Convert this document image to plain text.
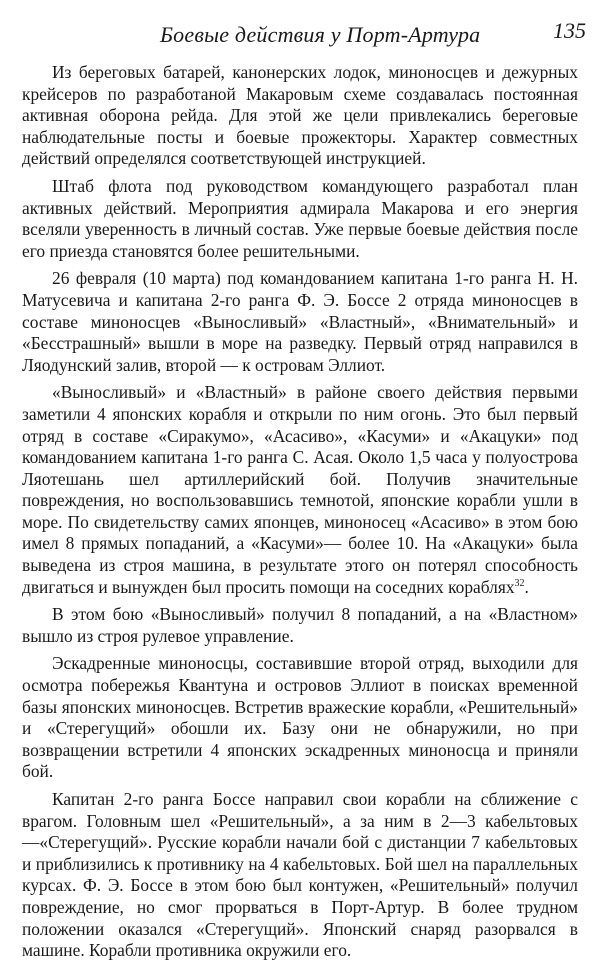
Боевые действия у Порт-Артура	135

Из береговых батарей, канонерских лодок, миноносцев и дежурных крейсеров по разработаной Макаровым схеме создавалась постоянная активная оборона рейда. Для этой же цели привлекались береговые наблюдательные посты и боевые прожекторы. Характер совместных действий определялся соответствующей инструкцией.

Штаб флота под руководством командующего разработал план активных действий. Мероприятия адмирала Макарова и его энергия вселяли уверенность в личный состав. Уже первые боевые действия после его приезда становятся более решительными.

26 февраля (10 марта) под командованием капитана 1-го ранга Н. Н. Матусевича и капитана 2-го ранга Ф. Э. Боссе 2 отряда миноносцев в составе миноносцев «Выносливый» «Властный», «Внимательный» и «Бесстрашный» вышли в море на разведку. Первый отряд направился в Ляодунский залив, второй — к островам Эллиот.

«Выносливый» и «Властный» в районе своего действия первыми заметили 4 японских корабля и открыли по ним огонь. Это был первый отряд в составе «Сиракумо», «Асасиво», «Касуми» и «Акацуки» под командованием капитана 1-го ранга С. Асая. Около 1,5 часа у полуострова Ляотешань шел артиллерийский бой. Получив значительные повреждения, но воспользовавшись темнотой, японские корабли ушли в море. По свидетельству самих японцев, миноносец «Асасиво» в этом бою имел 8 прямых попаданий, а «Касуми»— более 10. На «Акацуки» была выведена из строя машина, в результате этого он потерял способность двигаться и вынужден был просить помощи на соседних кораблях$^{32}$.

В этом бою «Выносливый» получил 8 попаданий, а на «Властном» вышло из строя рулевое управление.

Эскадренные миноносцы, составившие второй отряд, выходили для осмотра побережья Квантуна и островов Эллиот в поисках временной базы японских миноносцев. Встретив вражеские корабли, «Решительный» и «Стерегущий» обошли их. Базу они не обнаружили, но при возвращении встретили 4 японских эскадренных миноносца и приняли бой.

Капитан 2-го ранга Боссе направил свои корабли на сближение с врагом. Головным шел «Решительный», а за ним в 2—3 кабельтовых —«Стерегущий». Русские корабли начали бой с дистанции 7 кабельтовых и приблизились к противнику на 4 кабельтовых. Бой шел на параллельных курсах. Ф. Э. Боссе в этом бою был контужен, «Решительный» получил повреждение, но смог прорваться в Порт-Артур. В более трудном положении оказался «Стерегущий». Японский снаряд разорвался в машине. Корабли противника окружили его.
